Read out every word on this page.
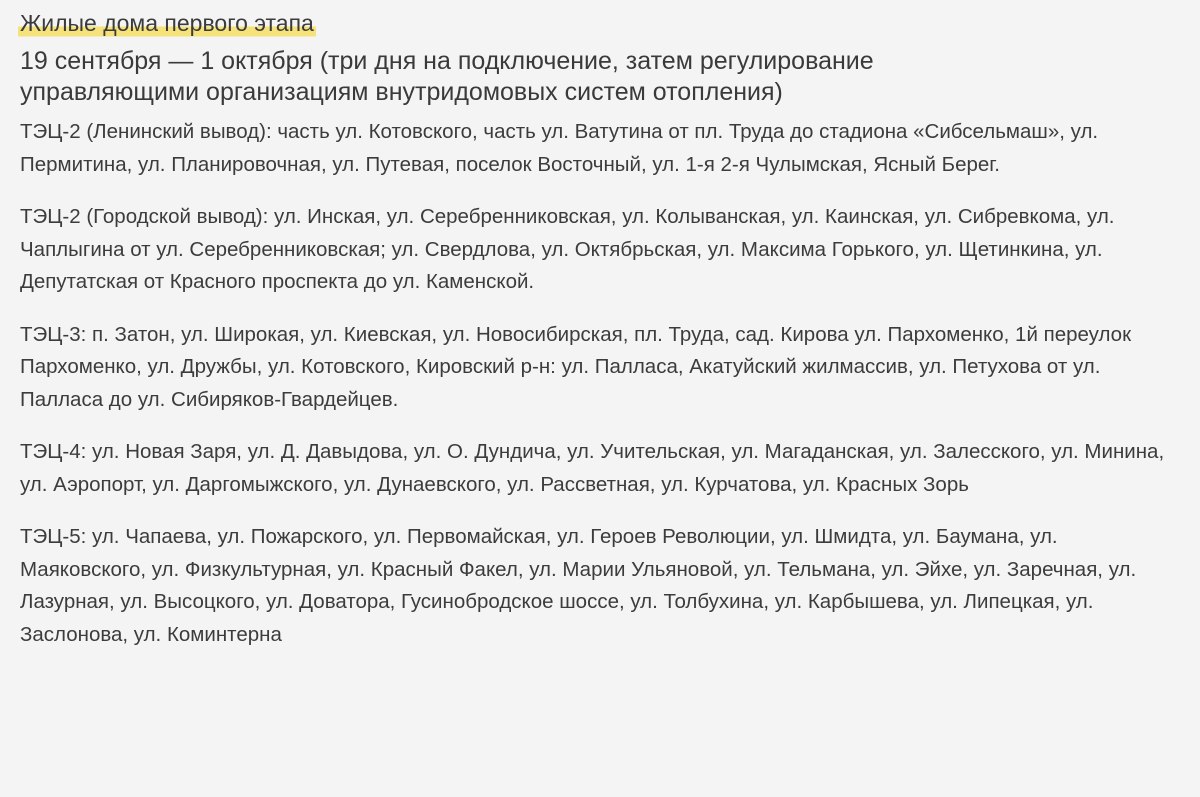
Жилые дома первого этапа
19 сентября — 1 октября (три дня на подключение, затем регулирование управляющими организациям внутридомовых систем отопления)

ТЭЦ-2 (Ленинский вывод): часть ул. Котовского, часть ул. Ватутина от пл. Труда до стадиона «Сибсельмаш», ул. Пермитина, ул. Планировочная, ул. Путевая, поселок Восточный, ул. 1-я 2-я Чулымская, Ясный Берег.

ТЭЦ-2 (Городской вывод): ул. Инская, ул. Серебренниковская, ул. Колыванская, ул. Каинская, ул. Сибревкома, ул. Чаплыгина от ул. Серебренниковская; ул. Свердлова, ул. Октябрьская, ул. Максима Горького, ул. Щетинкина, ул. Депутатская от Красного проспекта до ул. Каменской.

ТЭЦ-3: п. Затон, ул. Широкая, ул. Киевская, ул. Новосибирская, пл. Труда, сад. Кирова ул. Пархоменко, 1й переулок Пархоменко, ул. Дружбы, ул. Котовского, Кировский р-н: ул. Палласа, Акатуйский жилмассив, ул. Петухова от ул. Палласа до ул. Сибиряков-Гвардейцев.

ТЭЦ-4: ул. Новая Заря, ул. Д. Давыдова, ул. О. Дундича, ул. Учительская, ул. Магаданская, ул. Залесского, ул. Минина, ул. Аэропорт, ул. Даргомыжского, ул. Дунаевского, ул. Рассветная, ул. Курчатова, ул. Красных Зорь

ТЭЦ-5: ул. Чапаева, ул. Пожарского, ул. Первомайская, ул. Героев Революции, ул. Шмидта, ул. Баумана, ул. Маяковского, ул. Физкультурная, ул. Красный Факел, ул. Марии Ульяновой, ул. Тельмана, ул. Эйхе, ул. Заречная, ул. Лазурная, ул. Высоцкого, ул. Доватора, Гусинобродское шоссе, ул. Толбухина, ул. Карбышева, ул. Липецкая, ул. Заслонова, ул. Коминтерна
